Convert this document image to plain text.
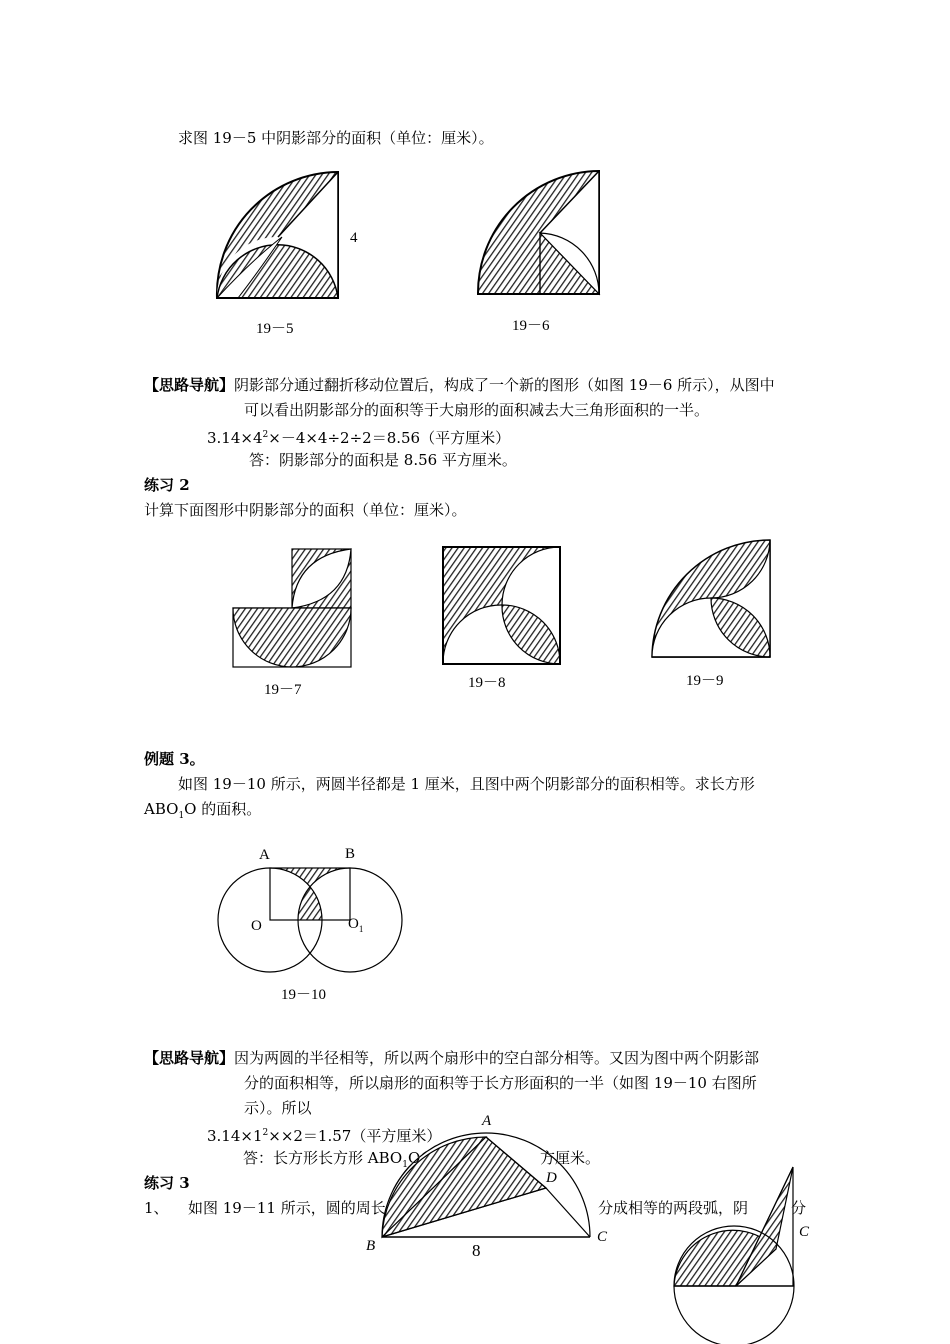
求图 19－5 中阴影部分的面积（单位：厘米）。
4
19－5	19－6
【思路导航】阴影部分通过翻折移动位置后，构成了一个新的图形（如图 19－6 所示），从图中
可以看出阴影部分的面积等于大扇形的面积减去大三角形面积的一半。
$3.14\times 4^2\times-4\times 4\div 2\div 2=8.56$（平方厘米）
答：阴影部分的面积是 8.56 平方厘米。
练习 2
计算下面图形中阴影部分的面积（单位：厘米）。
19－7	19－8	19－9
例题 3。
如图 19－10 所示，两圆半径都是 1 厘米，且图中两个阴影部分的面积相等。求长方形
$ABO_1O$ 的面积。
A	B
O	$O_1$
19－10
【思路导航】因为两圆的半径相等，所以两个扇形中的空白部分相等。又因为图中两个阴影部
分的面积相等，所以扇形的面积等于长方形面积的一半（如图 19－10 右图所
示）。所以
$3.14\times 1^2\times\times 2=1.57$（平方厘米）
答：长方形长方形 $ABO_1O$	方厘米。
练习 3
1、 如图 19－11 所示，圆的周长	分成相等的两段弧，阴	分
A
D
B
C
8
C
